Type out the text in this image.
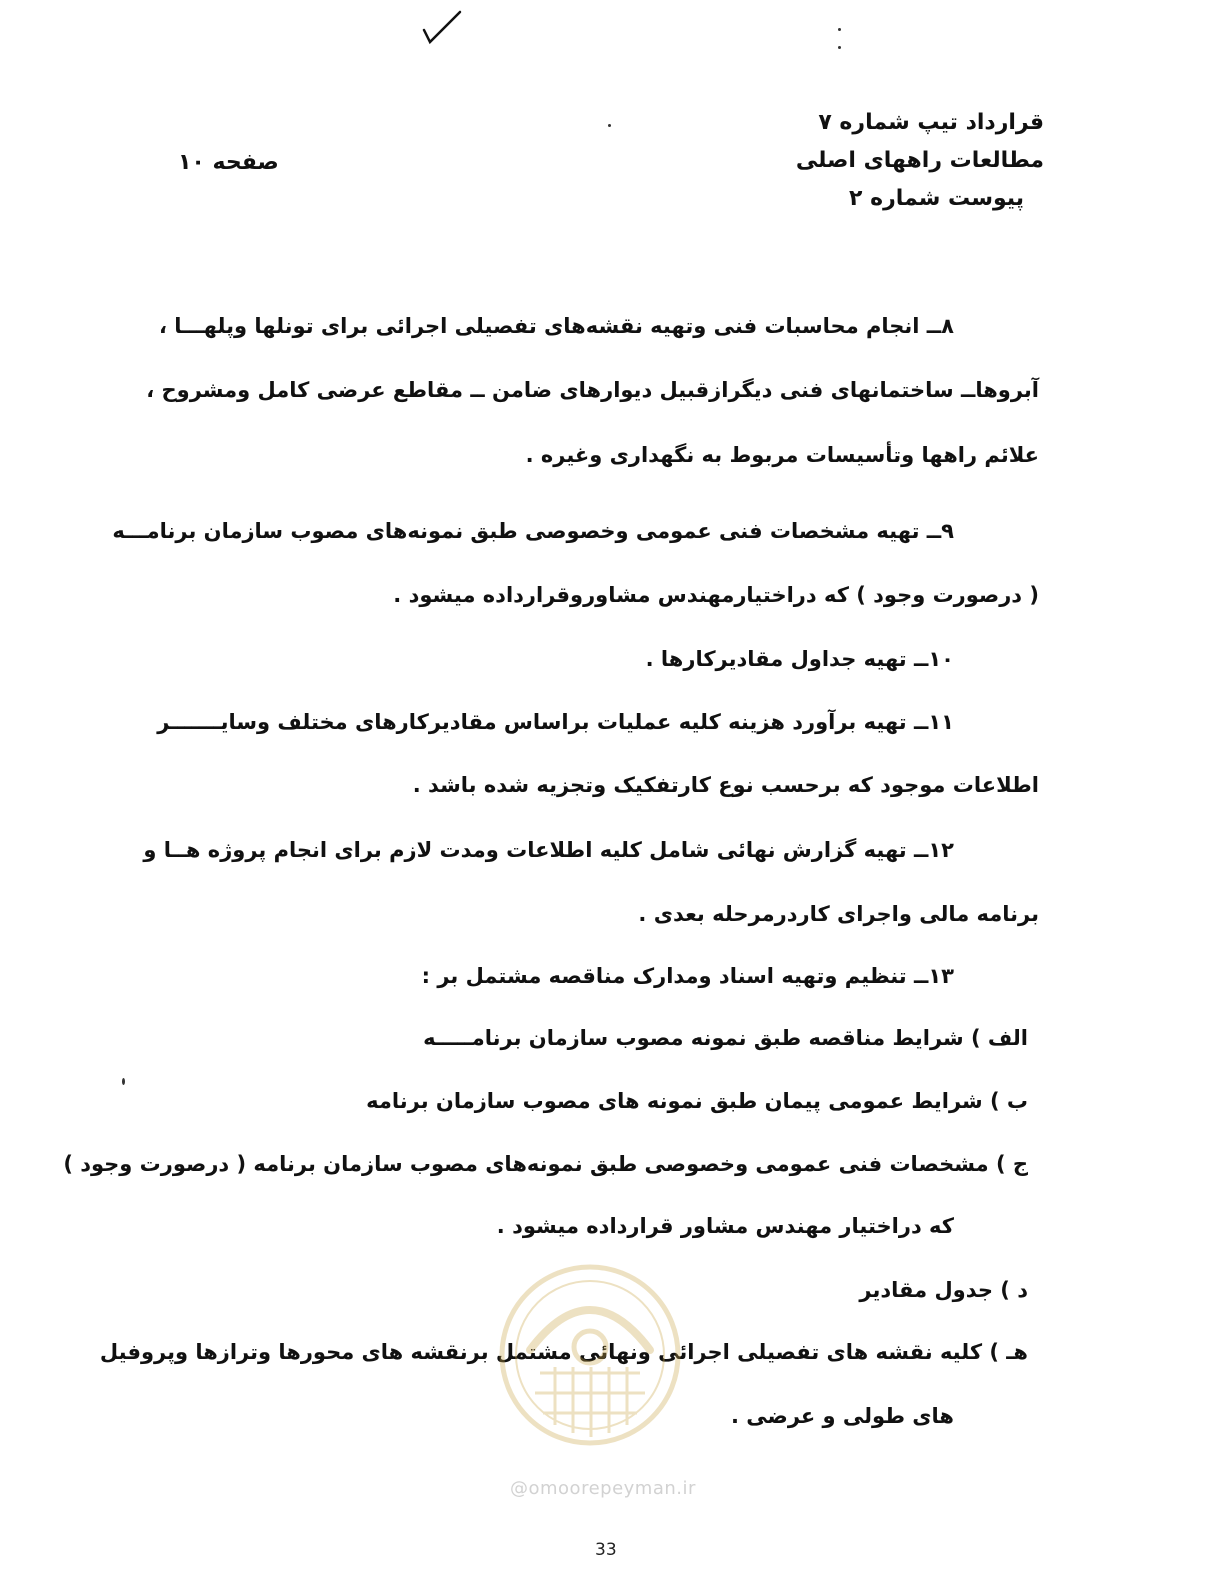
قرارداد تیپ شماره ۷
مطالعات راههای اصلی
پیوست شماره ۲
صفحه ۱۰
۸ــ انجام محاسبات فنی وتهیه نقشه‌های تفصیلی اجرائی برای تونلها وپلهـــا ،
آبروهاــ ساختمانهای فنی دیگرازقبیل دیوارهای ضامن ــ مقاطع عرضی کامل ومشروح ،
علائم راهها وتأسیسات مربوط به نگهداری وغیره .
۹ــ تهیه مشخصات فنی عمومی وخصوصی طبق نمونه‌های مصوب سازمان برنامـــه
( درصورت وجود ) که دراختیارمهندس مشاوروقرارداده میشود .
۱۰ــ تهیه جداول مقادیرکارها .
۱۱ــ تهیه برآورد هزینه کلیه عملیات براساس مقادیرکارهای مختلف وسایـــــــر
اطلاعات موجود که برحسب نوع کارتفکیک وتجزیه شده باشد .
۱۲ــ تهیه گزارش نهائی شامل کلیه اطلاعات ومدت لازم برای انجام پروژه هــا و
برنامه مالی واجرای کاردرمرحله بعدی .
۱۳ــ تنظیم وتهیه اسناد ومدارک مناقصه مشتمل بر :
الف ) شرایط مناقصه طبق نمونه مصوب سازمان برنامـــــه
ب ) شرایط عمومی پیمان طبق نمونه های مصوب سازمان برنامه
ج ) مشخصات فنی عمومی وخصوصی طبق نمونه‌های مصوب سازمان برنامه ( درصورت وجود )
که دراختیار مهندس مشاور قرارداده میشود .
د ) جدول مقادیر
هـ ) کلیه نقشه های تفصیلی اجرائی ونهائی مشتمل برنقشه های محورها وترازها وپروفیل
های طولی و عرضی .
@omoorepeyman.ir
33
